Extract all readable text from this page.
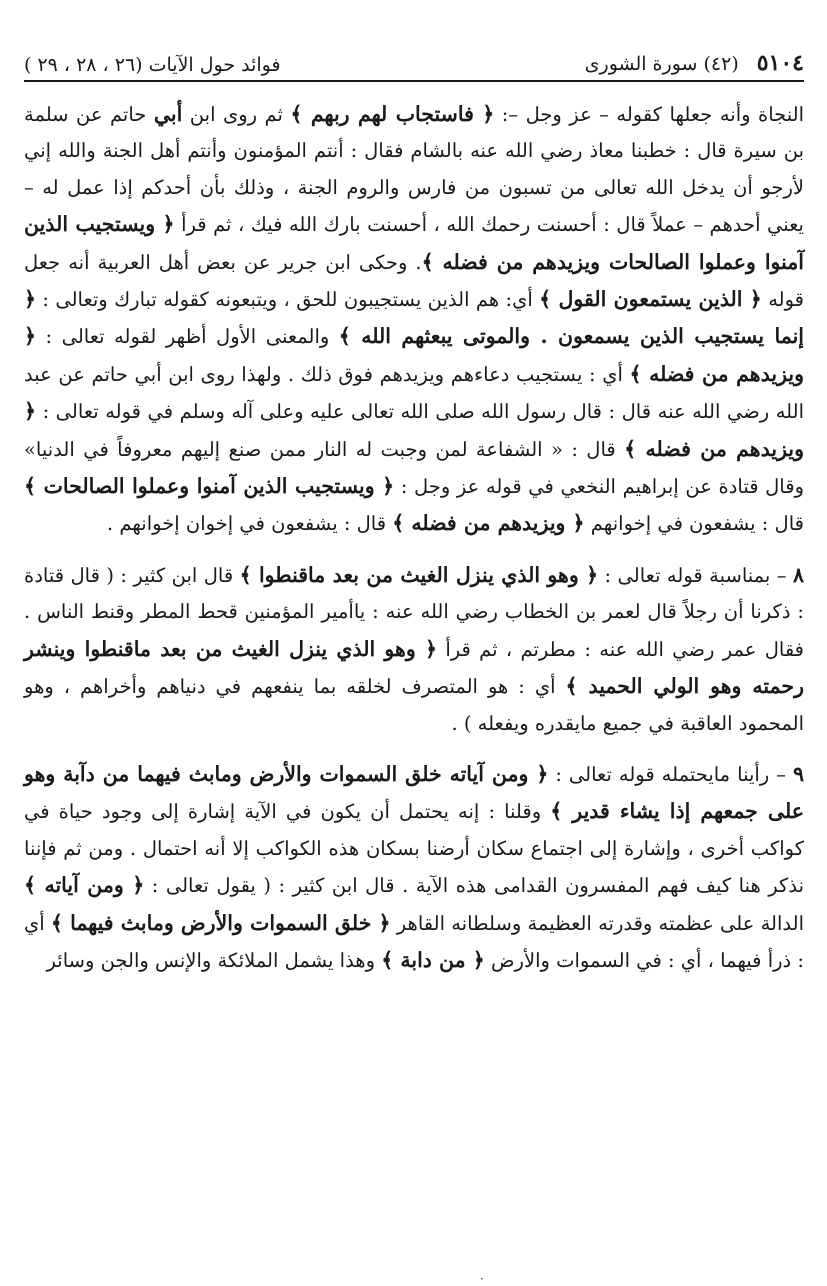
٥١٠٤
(٤٢) سورة الشورى
فوائد حول الآيات (٢٦ ، ٢٨ ، ٢٩ )

النجاة وأنه جعلها كقوله – عز وجل –: ﴿ فاستجاب لهم ربهم ﴾ ثم روى ابن أبي حاتم عن سلمة بن سيرة قال : خطبنا معاذ رضي الله عنه بالشام فقال : أنتم المؤمنون وأنتم أهل الجنة والله إني لأرجو أن يدخل الله تعالى من تسبون من فارس والروم الجنة ، وذلك بأن أحدكم إذا عمل له – يعني أحدهم – عملاً قال : أحسنت رحمك الله ، أحسنت بارك الله فيك ، ثم قرأ ﴿ ويستجيب الذين آمنوا وعملوا الصالحات ويزيدهم من فضله ﴾. وحكى ابن جرير عن بعض أهل العربية أنه جعل قوله ﴿ الذين يستمعون القول ﴾ أي: هم الذين يستجيبون للحق ، ويتبعونه كقوله تبارك وتعالى : ﴿ إنما يستجيب الذين يسمعون . والموتى يبعثهم الله ﴾ والمعنى الأول أظهر لقوله تعالى : ﴿ ويزيدهم من فضله ﴾ أي : يستجيب دعاءهم ويزيدهم فوق ذلك . ولهذا روى ابن أبي حاتم عن عبد الله رضي الله عنه قال : قال رسول الله صلى الله تعالى عليه وعلى آله وسلم في قوله تعالى : ﴿ ويزيدهم من فضله ﴾ قال : « الشفاعة لمن وجبت له النار ممن صنع إليهم معروفاً في الدنيا» وقال قتادة عن إبراهيم النخعي في قوله عز وجل : ﴿ ويستجيب الذين آمنوا وعملوا الصالحات ﴾ قال : يشفعون في إخوانهم ﴿ ويزيدهم من فضله ﴾ قال : يشفعون في إخوان إخوانهم .

٨ – بمناسبة قوله تعالى : ﴿ وهو الذي ينزل الغيث من بعد ماقنطوا ﴾ قال ابن كثير : ( قال قتادة : ذكرنا أن رجلاً قال لعمر بن الخطاب رضي الله عنه : ياأمير المؤمنين قحط المطر وقنط الناس . فقال عمر رضي الله عنه : مطرتم ، ثم قرأ ﴿ وهو الذي ينزل الغيث من بعد ماقنطوا وينشر رحمته وهو الولي الحميد ﴾ أي : هو المتصرف لخلقه بما ينفعهم في دنياهم وأخراهم ، وهو المحمود العاقبة في جميع مايقدره ويفعله ) .

٩ – رأينا مايحتمله قوله تعالى : ﴿ ومن آياته خلق السموات والأرض ومابث فيهما من دآبة وهو على جمعهم إذا يشاء قدير ﴾ وقلنا : إنه يحتمل أن يكون في الآية إشارة إلى وجود حياة في كواكب أخرى ، وإشارة إلى اجتماع سكان أرضنا بسكان هذه الكواكب إلا أنه احتمال . ومن ثم فإننا نذكر هنا كيف فهم المفسرون القدامى هذه الآية . قال ابن كثير : ( يقول تعالى : ﴿ ومن آياته ﴾ الدالة على عظمته وقدرته العظيمة وسلطانه القاهر ﴿ خلق السموات والأرض ومابث فيهما ﴾ أي : ذرأ فيهما ، أي : في السموات والأرض ﴿ من دابة ﴾ وهذا يشمل الملائكة والإنس والجن وسائر

·
